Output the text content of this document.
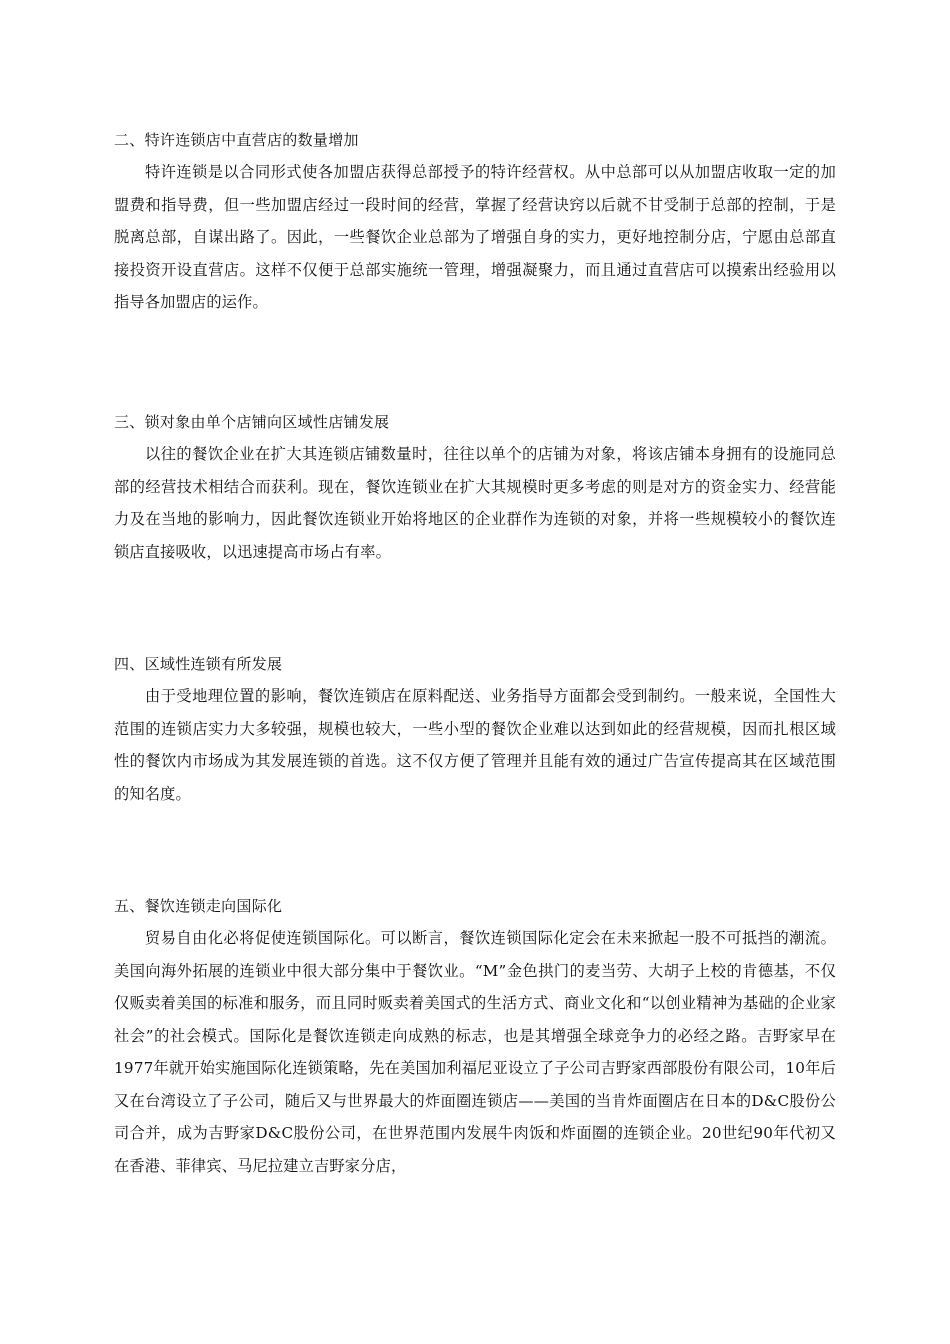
二、特许连锁店中直营店的数量增加

特许连锁是以合同形式使各加盟店获得总部授予的特许经营权。从中总部可以从加盟店收取一定的加盟费和指导费，但一些加盟店经过一段时间的经营，掌握了经营诀窍以后就不甘受制于总部的控制，于是脱离总部，自谋出路了。因此，一些餐饮企业总部为了增强自身的实力，更好地控制分店，宁愿由总部直接投资开设直营店。这样不仅便于总部实施统一管理，增强凝聚力，而且通过直营店可以摸索出经验用以指导各加盟店的运作。

三、锁对象由单个店铺向区域性店铺发展

以往的餐饮企业在扩大其连锁店铺数量时，往往以单个的店铺为对象，将该店铺本身拥有的设施同总部的经营技术相结合而获利。现在，餐饮连锁业在扩大其规模时更多考虑的则是对方的资金实力、经营能力及在当地的影响力，因此餐饮连锁业开始将地区的企业群作为连锁的对象，并将一些规模较小的餐饮连锁店直接吸收，以迅速提高市场占有率。

四、区域性连锁有所发展

由于受地理位置的影响，餐饮连锁店在原料配送、业务指导方面都会受到制约。一般来说，全国性大范围的连锁店实力大多较强，规模也较大，一些小型的餐饮企业难以达到如此的经营规模，因而扎根区域性的餐饮内市场成为其发展连锁的首选。这不仅方便了管理并且能有效的通过广告宣传提高其在区域范围的知名度。

五、餐饮连锁走向国际化

贸易自由化必将促使连锁国际化。可以断言，餐饮连锁国际化定会在未来掀起一股不可抵挡的潮流。美国向海外拓展的连锁业中很大部分集中于餐饮业。“M”金色拱门的麦当劳、大胡子上校的肯德基，不仅仅贩卖着美国的标准和服务，而且同时贩卖着美国式的生活方式、商业文化和“以创业精神为基础的企业家社会”的社会模式。国际化是餐饮连锁走向成熟的标志，也是其增强全球竞争力的必经之路。吉野家早在1977年就开始实施国际化连锁策略，先在美国加利福尼亚设立了子公司吉野家西部股份有限公司，10年后又在台湾设立了子公司，随后又与世界最大的炸面圈连锁店——美国的当肯炸面圈店在日本的D&C股份公司合并，成为吉野家D&C股份公司，在世界范围内发展牛肉饭和炸面圈的连锁企业。20世纪90年代初又在香港、菲律宾、马尼拉建立吉野家分店，
